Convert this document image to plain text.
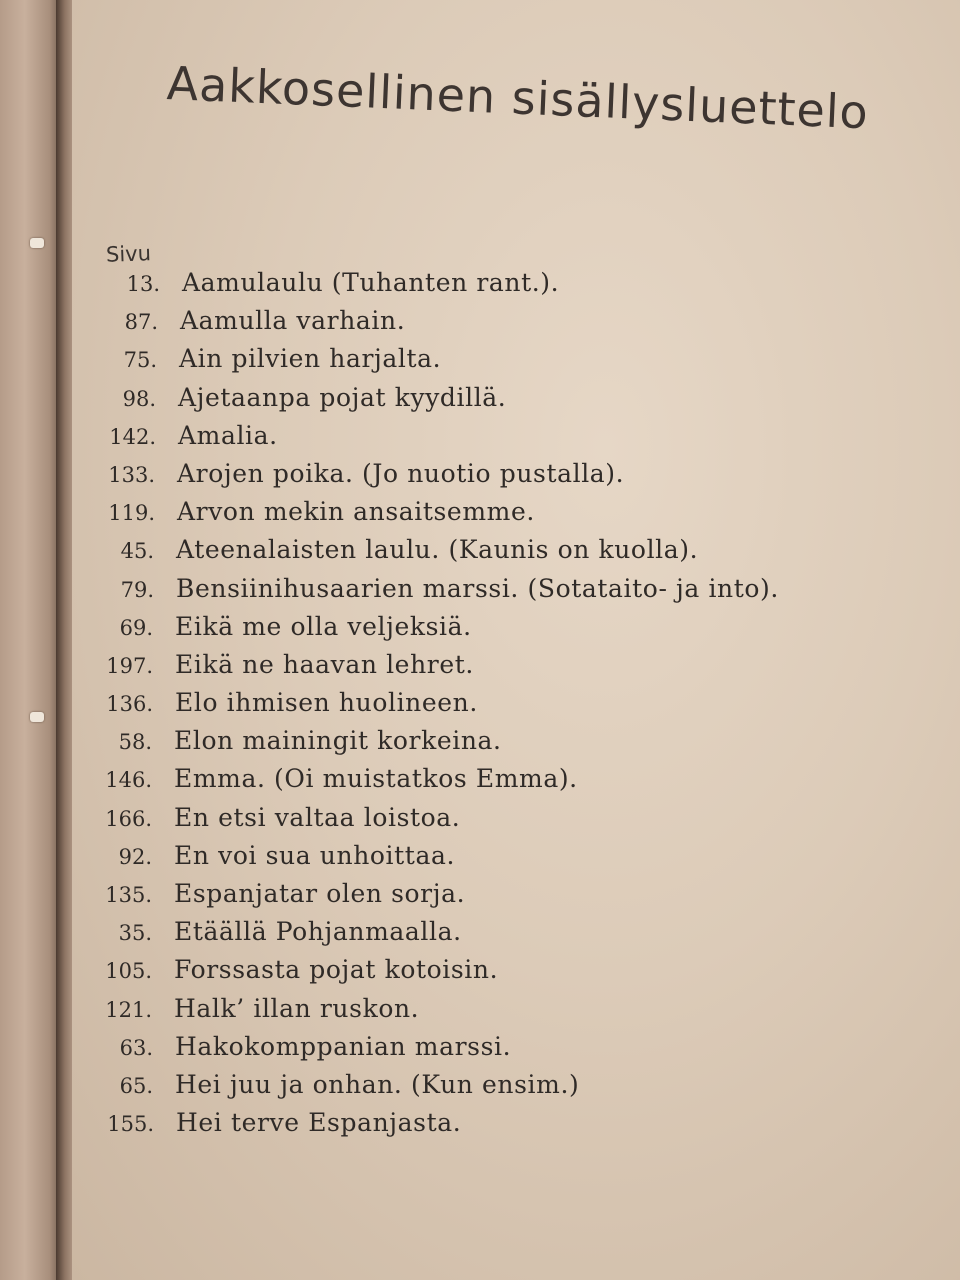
Aakkosellinen sisällysluettelo
Sivu
13. Aamulaulu (Tuhanten rant.).
87. Aamulla varhain.
75. Ain pilvien harjalta.
98. Ajetaanpa pojat kyydillä.
142. Amalia.
133. Arojen poika. (Jo nuotio pustalla).
119. Arvon mekin ansaitsemme.
45. Ateenalaisten laulu. (Kaunis on kuolla).
79. Bensiinihusaarien marssi. (Sotataito- ja into).
69. Eikä me olla veljeksiä.
197. Eikä ne haavan lehret.
136. Elo ihmisen huolineen.
58. Elon mainingit korkeina.
146. Emma. (Oi muistatkos Emma).
166. En etsi valtaa loistoa.
92. En voi sua unhoittaa.
135. Espanjatar olen sorja.
35. Etäällä Pohjanmaalla.
105. Forssasta pojat kotoisin.
121. Halk’ illan ruskon.
63. Hakokomppanian marssi.
65. Hei juu ja onhan. (Kun ensim.)
155. Hei terve Espanjasta.
